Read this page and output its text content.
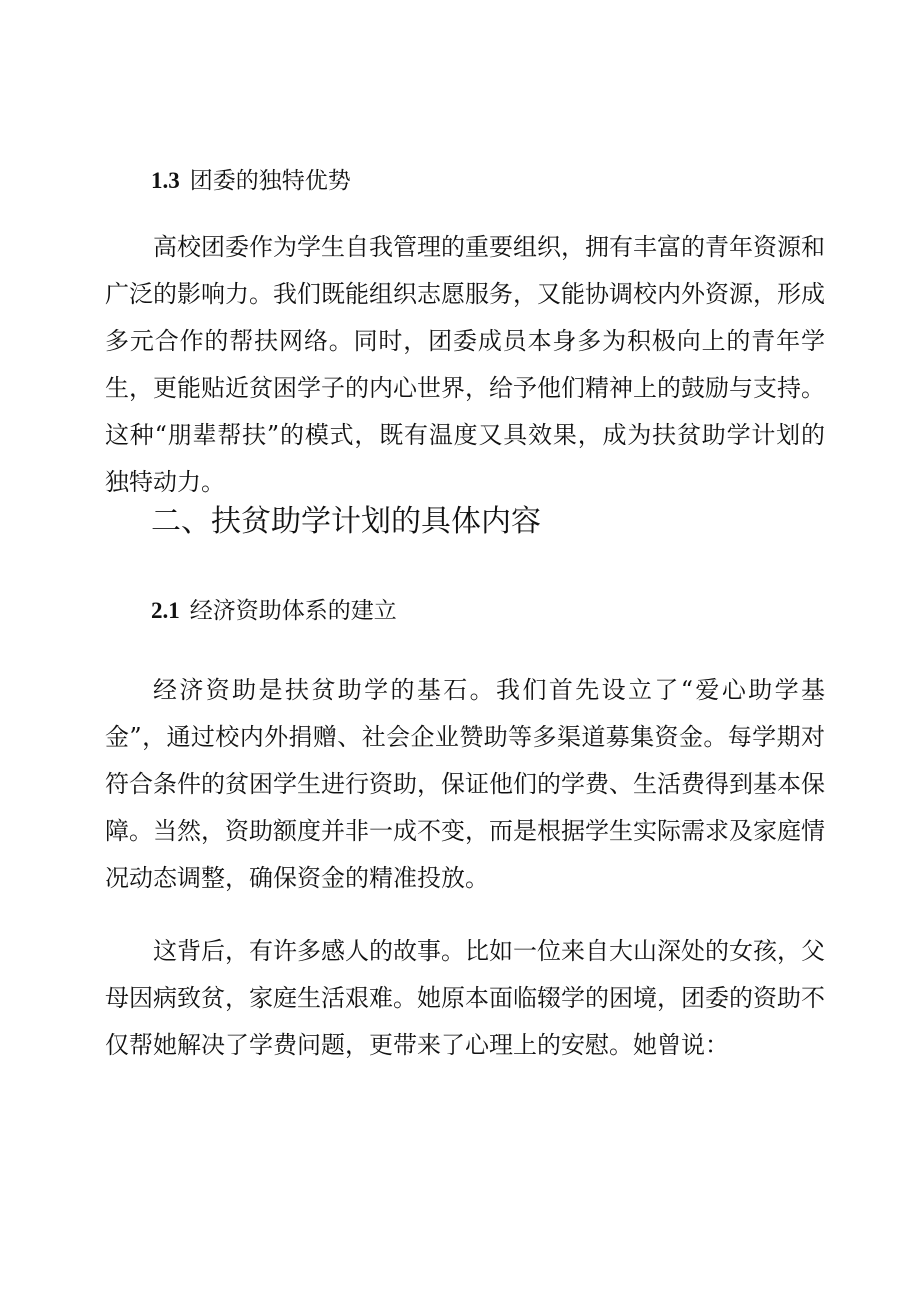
1.3 团委的独特优势

高校团委作为学生自我管理的重要组织，拥有丰富的青年资源和广泛的影响力。我们既能组织志愿服务，又能协调校内外资源，形成多元合作的帮扶网络。同时，团委成员本身多为积极向上的青年学生，更能贴近贫困学子的内心世界，给予他们精神上的鼓励与支持。这种“朋辈帮扶”的模式，既有温度又具效果，成为扶贫助学计划的独特动力。

二、扶贫助学计划的具体内容
2.1 经济资助体系的建立

经济资助是扶贫助学的基石。我们首先设立了“爱心助学基金”，通过校内外捐赠、社会企业赞助等多渠道募集资金。每学期对符合条件的贫困学生进行资助，保证他们的学费、生活费得到基本保障。当然，资助额度并非一成不变，而是根据学生实际需求及家庭情况动态调整，确保资金的精准投放。

这背后，有许多感人的故事。比如一位来自大山深处的女孩，父母因病致贫，家庭生活艰难。她原本面临辍学的困境，团委的资助不仅帮她解决了学费问题，更带来了心理上的安慰。她曾说：
